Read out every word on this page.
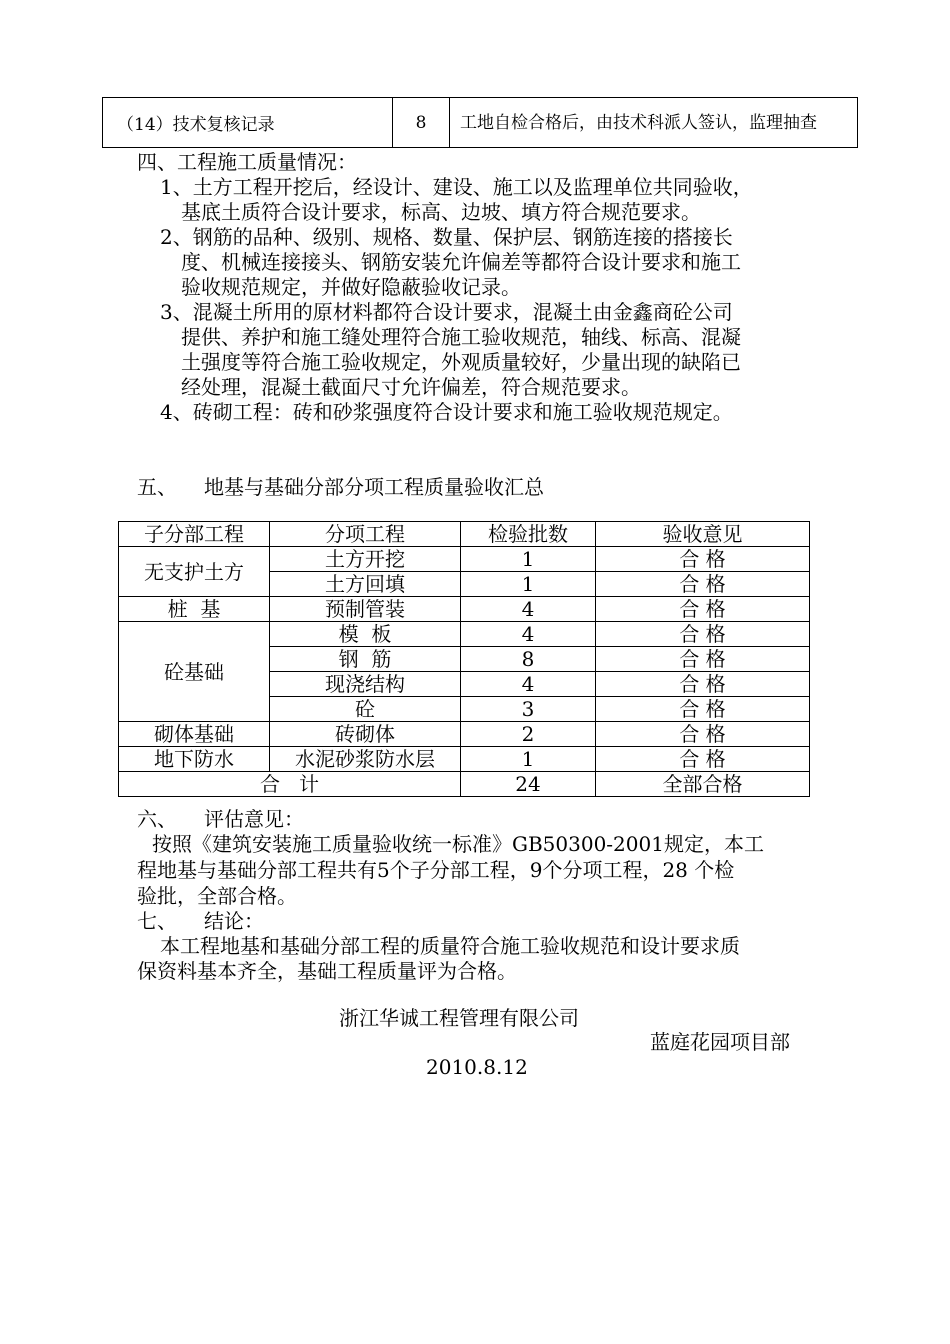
（14）技术复核记录	8	工地自检合格后，由技术科派人签认，监理抽查
四、工程施工质量情况：
1、土方工程开挖后，经设计、建设、施工以及监理单位共同验收，
基底土质符合设计要求，标高、边坡、填方符合规范要求。
2、钢筋的品种、级别、规格、数量、保护层、钢筋连接的搭接长
度、机械连接接头、钢筋安装允许偏差等都符合设计要求和施工
验收规范规定，并做好隐蔽验收记录。
3、混凝土所用的原材料都符合设计要求，混凝土由金鑫商砼公司
提供、养护和施工缝处理符合施工验收规范，轴线、标高、混凝
土强度等符合施工验收规定，外观质量较好，少量出现的缺陷已
经处理，混凝土截面尺寸允许偏差，符合规范要求。
4、砖砌工程：砖和砂浆强度符合设计要求和施工验收规范规定。
五、 地基与基础分部分项工程质量验收汇总
子分部工程	分项工程	检验批数	验收意见
无支护土方	土方开挖	1	合 格
	土方回填	1	合 格
桩  基	预制管装	4	合 格
砼基础	模  板	4	合 格
	钢  筋	8	合 格
	现浇结构	4	合 格
	砼	3	合 格
砌体基础	砖砌体	2	合 格
地下防水	水泥砂浆防水层	1	合 格
合   计		24	全部合格
六、 评估意见：
按照《建筑安装施工质量验收统一标准》GB50300-2001规定，本工
程地基与基础分部工程共有5个子分部工程，9个分项工程，28 个检
验批，全部合格。
七、 结论：
本工程地基和基础分部工程的质量符合施工验收规范和设计要求质
保资料基本齐全，基础工程质量评为合格。
浙江华诚工程管理有限公司
蓝庭花园项目部
2010.8.12
